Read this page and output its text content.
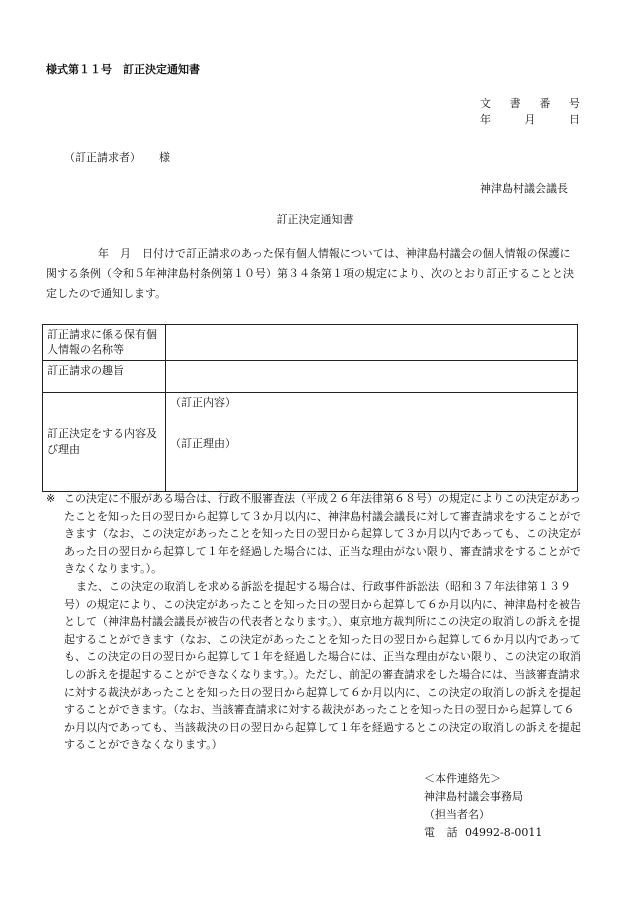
様式第１１号　訂正決定通知書
文 書 番 号
年	月	日
（訂正請求者） 様
神津島村議会議長
訂正決定通知書
年　月　日付けで訂正請求のあった保有個人情報については、神津島村議会の個人情報の保護に関する条例（令和５年神津島村条例第１０号）第３４条第１項の規定により、次のとおり訂正することと決定したので通知します。
訂正請求に係る保有個人情報の名称等	
訂正請求の趣旨	
訂正決定をする内容及び理由	（訂正内容）
（訂正理由）

※ この決定に不服がある場合は、行政不服審査法（平成２６年法律第６８号）の規定によりこの決定があったことを知った日の翌日から起算して３か月以内に、神津島村議会議長に対して審査請求をすることができます（なお、この決定があったことを知った日の翌日から起算して３か月以内であっても、この決定があった日の翌日から起算して１年を経過した場合には、正当な理由がない限り、審査請求をすることができなくなります。）。

また、この決定の取消しを求める訴訟を提起する場合は、行政事件訴訟法（昭和３７年法律第１３９号）の規定により、この決定があったことを知った日の翌日から起算して６か月以内に、神津島村を被告として（神津島村議会議長が被告の代表者となります。）、東京地方裁判所にこの決定の取消しの訴えを提起することができます（なお、この決定があったことを知った日の翌日から起算して６か月以内であっても、この決定の日の翌日から起算して１年を経過した場合には、正当な理由がない限り、この決定の取消しの訴えを提起することができなくなります。）。ただし、前記の審査請求をした場合には、当該審査請求に対する裁決があったことを知った日の翌日から起算して６か月以内に、この決定の取消しの訴えを提起することができます。（なお、当該審査請求に対する裁決があったことを知った日の翌日から起算して６か月以内であっても、当該裁決の日の翌日から起算して１年を経過するとこの決定の取消しの訴えを提起することができなくなります。）

＜本件連絡先＞
神津島村議会事務局
（担当者名）
電 話 04992-8-0011
